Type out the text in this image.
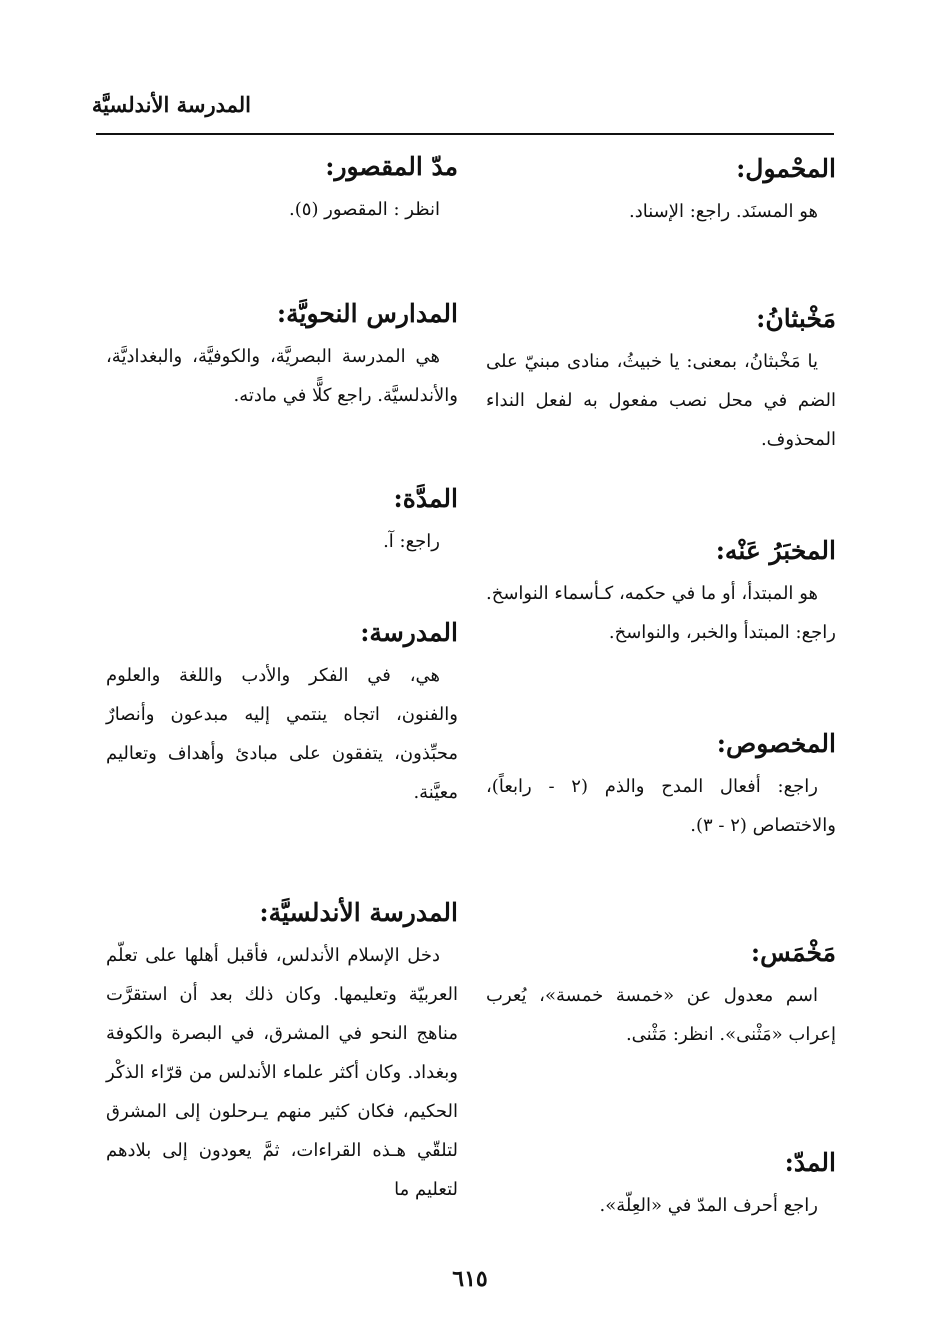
المدرسة الأندلسيَّة
المحْمول:

هو المسنَد. راجع: الإسناد.

مَخْبثانُ:

يا مَخْبثانُ، بمعنى: يا خبيثُ، منادى مبنيّ على الضم في محل نصب مفعول به لفعل النداء المحذوف.

المخبَرُ عَنْه:

هو المبتدأ، أو ما في حكمه، كـأسماء النواسخ. راجع: المبتدأ والخبر، والنواسخ.

المخصوص:

راجع: أفعال المدح والذم (٢ - رابعاً)، والاختصاص (٢ - ٣).

مَخْمَس:

اسم معدول عن «خمسة خمسة»، يُعرب إعراب «مَثْنى». انظر: مَثْنى.

المدّ:

راجع أحرف المدّ في «العِلّة».

مدّ المقصور:

انظر : المقصور (٥).

المدارس النحويَّة:

هي المدرسة البصريَّة، والكوفيَّة، والبغداديَّة، والأندلسيَّة. راجع كلًّا في مادته.

المدَّة:

راجع: آ.

المدرسة:

هي، في الفكر والأدب واللغة والعلوم والفنون، اتجاه ينتمي إليه مبدعون وأنصارٌ محبِّذون، يتفقون على مبادئ وأهداف وتعاليم معيَّنة.

المدرسة الأندلسيَّة:

دخل الإسلام الأندلس، فأقبل أهلها على تعلّم العربيّة وتعليمها. وكان ذلك بعد أن استقرَّت مناهج النحو في المشرق، في البصرة والكوفة وبغداد. وكان أكثر علماء الأندلس من قرّاء الذكْر الحكيم، فكان كثير منهم يـرحلون إلى المشرق لتلقّي هـذه القراءات، ثمَّ يعودون إلى بلادهم لتعليم ما

٦١٥
